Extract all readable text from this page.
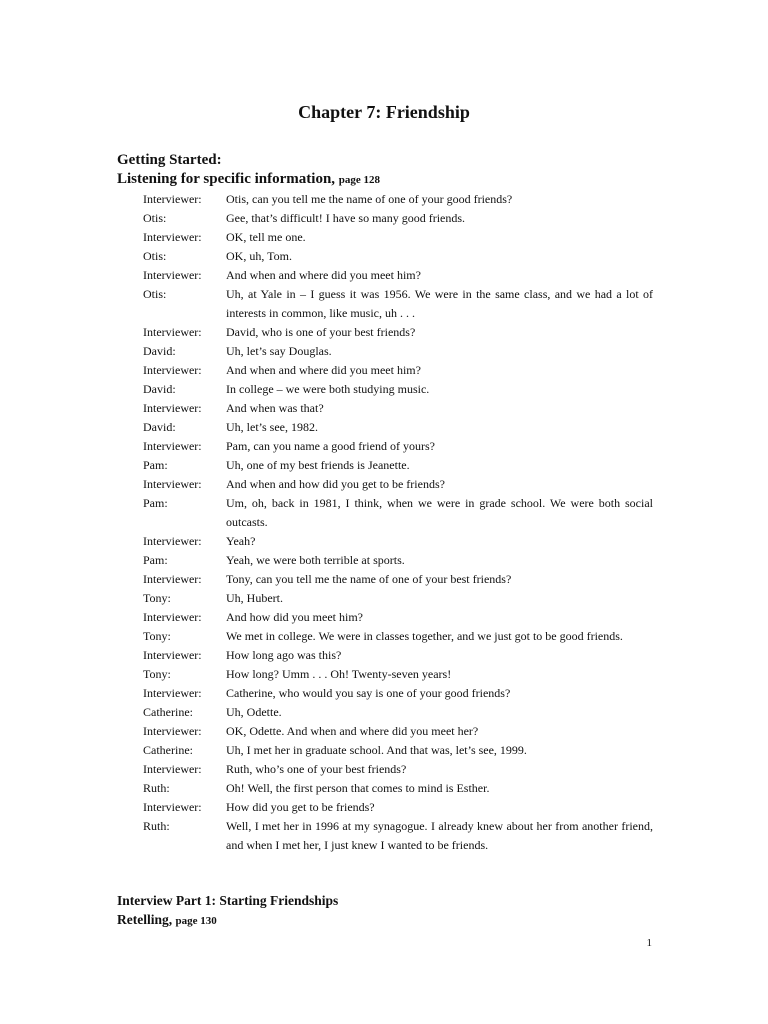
Chapter 7: Friendship
Getting Started:
Listening for specific information, page 128
Interviewer:	Otis, can you tell me the name of one of your good friends?
Otis:	Gee, that’s difficult! I have so many good friends.
Interviewer:	OK, tell me one.
Otis:	OK, uh, Tom.
Interviewer:	And when and where did you meet him?
Otis:	Uh, at Yale in – I guess it was 1956. We were in the same class, and we had a lot of interests in common, like music, uh . . .
Interviewer:	David, who is one of your best friends?
David:	Uh, let’s say Douglas.
Interviewer:	And when and where did you meet him?
David:	In college – we were both studying music.
Interviewer:	And when was that?
David:	Uh, let’s see, 1982.
Interviewer:	Pam, can you name a good friend of yours?
Pam:	Uh, one of my best friends is Jeanette.
Interviewer:	And when and how did you get to be friends?
Pam:	Um, oh, back in 1981, I think, when we were in grade school. We were both social outcasts.
Interviewer:	Yeah?
Pam:	Yeah, we were both terrible at sports.
Interviewer:	Tony, can you tell me the name of one of your best friends?
Tony:	Uh, Hubert.
Interviewer:	And how did you meet him?
Tony:	We met in college. We were in classes together, and we just got to be good friends.
Interviewer:	How long ago was this?
Tony:	How long? Umm . . . Oh! Twenty-seven years!
Interviewer:	Catherine, who would you say is one of your good friends?
Catherine:	Uh, Odette.
Interviewer:	OK, Odette. And when and where did you meet her?
Catherine:	Uh, I met her in graduate school. And that was, let’s see, 1999.
Interviewer:	Ruth, who’s one of your best friends?
Ruth:	Oh! Well, the first person that comes to mind is Esther.
Interviewer:	How did you get to be friends?
Ruth:	Well, I met her in 1996 at my synagogue. I already knew about her from another friend, and when I met her, I just knew I wanted to be friends.
Interview Part 1: Starting Friendships
Retelling, page 130
1
